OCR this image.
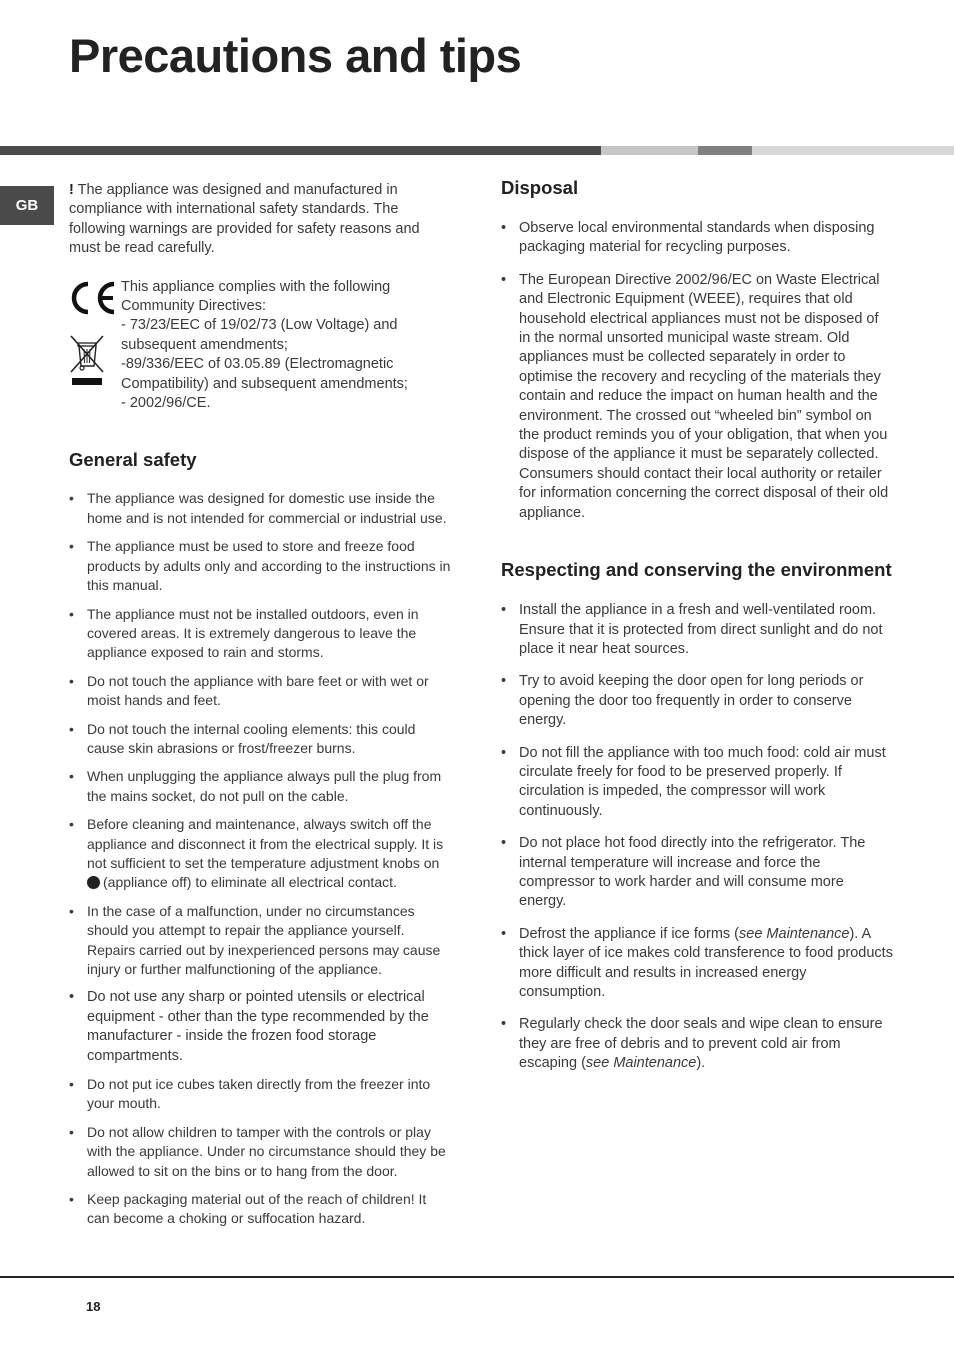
Precautions and tips
GB

! The appliance was designed and manufactured in compliance with international safety standards. The following warnings are provided for safety reasons and must be read carefully.

This appliance complies with the following Community Directives:

- 73/23/EEC of 19/02/73 (Low Voltage) and subsequent amendments;

-89/336/EEC of 03.05.89 (Electromagnetic Compatibility) and subsequent amendments;

- 2002/96/CE.

General safety
• The appliance was designed for domestic use inside the home and is not intended for commercial or industrial use.
• The appliance must be used to store and freeze food products by adults only and according to the instructions in this manual.
• The appliance must not be installed outdoors, even in covered areas. It is extremely dangerous to leave the appliance exposed to rain and storms.
• Do not touch the appliance with bare feet or with wet or moist hands and feet.
• Do not touch the internal cooling elements: this could cause skin abrasions or frost/freezer burns.
• When unplugging the appliance always pull the plug from the mains socket, do not pull on the cable.
• Before cleaning and maintenance, always switch off the appliance and disconnect it from the electrical supply. It is not sufficient to set the temperature adjustment knobs on (appliance off) to eliminate all electrical contact.
• In the case of a malfunction, under no circumstances should you attempt to repair the appliance yourself. Repairs carried out by inexperienced persons may cause injury or further malfunctioning of the appliance.
• Do not use any sharp or pointed utensils or electrical equipment - other than the type recommended by the manufacturer - inside the frozen food storage compartments.
• Do not put ice cubes taken directly from the freezer into your mouth.
• Do not allow children to tamper with the controls or play with the appliance. Under no circumstance should they be allowed to sit on the bins or to hang from the door.
• Keep packaging material out of the reach of children! It can become a choking or suffocation hazard.
Disposal
• Observe local environmental standards when disposing packaging material for recycling purposes.

• The European Directive 2002/96/EC on Waste Electrical and Electronic Equipment (WEEE), requires that old household electrical appliances must not be disposed of in the normal unsorted municipal waste stream. Old appliances must be collected separately in order to optimise the recovery and recycling of the materials they contain and reduce the impact on human health and the environment. The crossed out “wheeled bin” symbol on the product reminds you of your obligation, that when you dispose of the appliance it must be separately collected.

Consumers should contact their local authority or retailer for information concerning the correct disposal of their old appliance.

Respecting and conserving the environment
• Install the appliance in a fresh and well-ventilated room. Ensure that it is protected from direct sunlight and do not place it near heat sources.
• Try to avoid keeping the door open for long periods or opening the door too frequently in order to conserve energy.
• Do not fill the appliance with too much food: cold air must circulate freely for food to be preserved properly. If circulation is impeded, the compressor will work continuously.
• Do not place hot food directly into the refrigerator. The internal temperature will increase and force the compressor to work harder and will consume more energy.
• Defrost the appliance if ice forms (see Maintenance). A thick layer of ice makes cold transference to food products more difficult and results in increased energy consumption.
• Regularly check the door seals and wipe clean to ensure they are free of debris and to prevent cold air from escaping (see Maintenance).
18
